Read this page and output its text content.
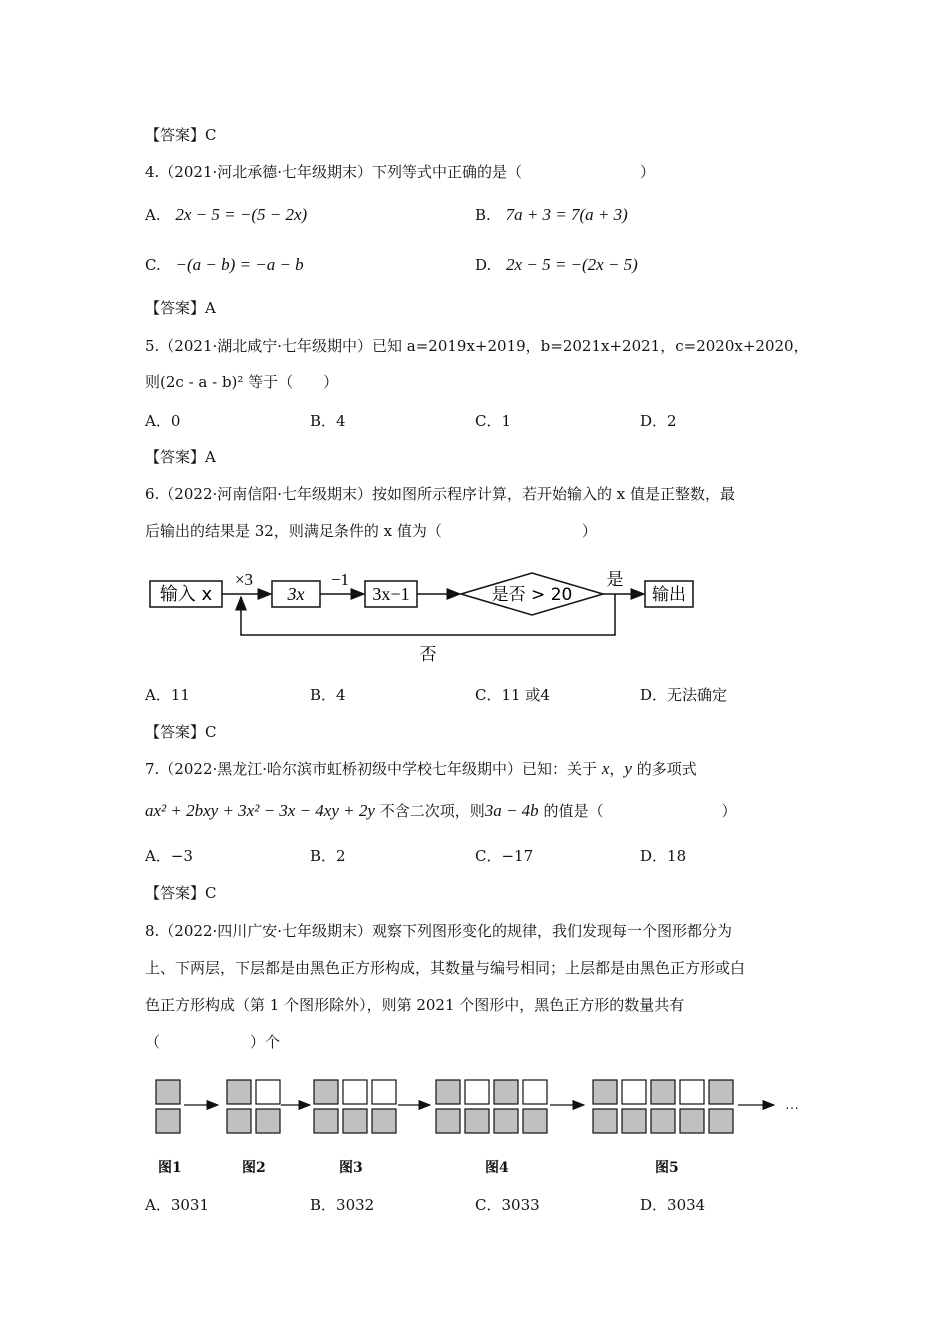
【答案】C
4.（2021·河北承德·七年级期末）下列等式中正确的是（	）
A. 2x − 5 = −(5 − 2x)	B. 7a + 3 = 7(a + 3)
C. −(a − b) = −a − b	D. 2x − 5 = −(2x − 5)
【答案】A
5.（2021·湖北咸宁·七年级期中）已知 a=2019x+2019，b=2021x+2021，c=2020x+2020，
则(2c - a - b)² 等于（　　）
A．0	B．4	C．1	D．2
【答案】A
6.（2022·河南信阳·七年级期末）按如图所示程序计算，若开始输入的 x 值是正整数，最
后输出的结果是 32，则满足条件的 x 值为（	）
输入 x
×3
3x
−1
3x−1	是否 > 20
是
输出
否
A．11	B．4	C．11 或4	D．无法确定
【答案】C
7.（2022·黑龙江·哈尔滨市虹桥初级中学校七年级期中）已知：关于 x，y 的多项式
ax² + 2bxy + 3x² − 3x − 4xy + 2y 不含二次项，则3a − 4b 的值是（	）
A．−3	B．2	C．−17	D．18
【答案】C
8.（2022·四川广安·七年级期末）观察下列图形变化的规律，我们发现每一个图形都分为
上、下两层，下层都是由黑色正方形构成，其数量与编号相同；上层都是由黑色正方形或白
色正方形构成（第 1 个图形除外），则第 2021 个图形中，黑色正方形的数量共有
（　　　　　　）个
…
图1	图2	图3	图4	图5
A．3031	B．3032	C．3033	D．3034
